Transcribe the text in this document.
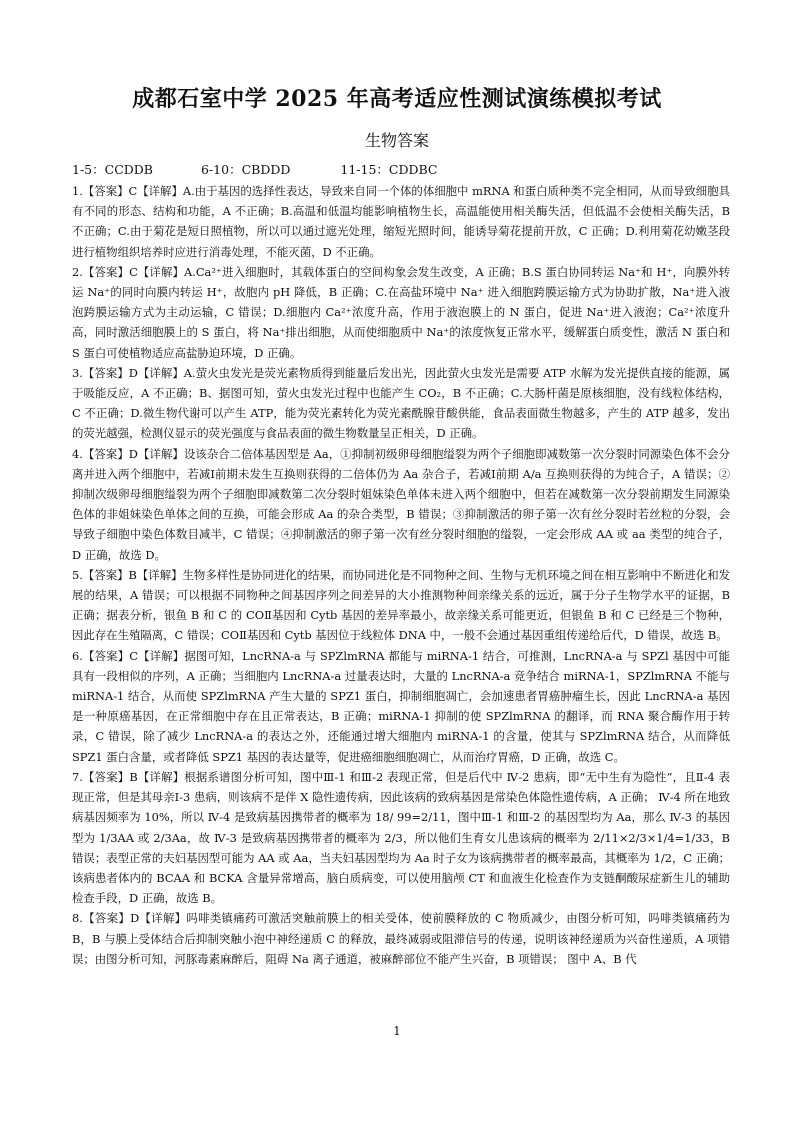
成都石室中学 2025 年高考适应性测试演练模拟考试
生物答案
1-5：CCDDB	6-10：CBDDD	11-15：CDDBC

1.【答案】C【详解】A.由于基因的选择性表达，导致来自同一个体的体细胞中 mRNA 和蛋白质种类不完全相同，从而导致细胞具有不同的形态、结构和功能，A 不正确；B.高温和低温均能影响植物生长，高温能使用相关酶失活，但低温不会使相关酶失活，B 不正确；C.由于菊花是短日照植物，所以可以通过遮光处理，缩短光照时间，能诱导菊花提前开放，C 正确；D.利用菊花幼嫩茎段进行植物组织培养时应进行消毒处理，不能灭菌，D 不正确。

2.【答案】C【详解】A.Ca²⁺进入细胞时，其载体蛋白的空间构象会发生改变，A 正确；B.S 蛋白协同转运 Na⁺和 H⁺，向膜外转运 Na⁺的同时向膜内转运 H⁺，故胞内 pH 降低，B 正确；C.在高盐环境中 Na⁺ 进入细胞跨膜运输方式为协助扩散，Na⁺进入液泡跨膜运输方式为主动运输，C 错误；D.细胞内 Ca²⁺浓度升高，作用于液泡膜上的 N 蛋白，促进 Na⁺进入液泡；Ca²⁺浓度升高，同时激活细胞膜上的 S 蛋白，将 Na⁺排出细胞，从而使细胞质中 Na⁺的浓度恢复正常水平，缓解蛋白质变性，激活 N 蛋白和 S 蛋白可使植物适应高盐胁迫环境，D 正确。

3.【答案】D【详解】A.萤火虫发光是荧光素物质得到能量后发出光，因此萤火虫发光是需要 ATP 水解为发光提供直接的能源，属于吸能反应，A 不正确；B、据图可知，萤火虫发光过程中也能产生 CO₂，B 不正确；C.大肠杆菌是原核细胞，没有线粒体结构，C 不正确；D.微生物代谢可以产生 ATP，能为荧光素转化为荧光素酰腺苷酸供能，食品表面微生物越多，产生的 ATP 越多，发出的荧光越强，检测仪显示的荧光强度与食品表面的微生物数量呈正相关，D 正确。

4.【答案】D【详解】设该杂合二倍体基因型是 Aa，①抑制初级卵母细胞缢裂为两个子细胞即减数第一次分裂时同源染色体不会分离并进入两个细胞中，若减Ⅰ前期未发生互换则获得的二倍体仍为 Aa 杂合子，若减Ⅰ前期 A/a 互换则获得的为纯合子，A 错误；②抑制次级卵母细胞缢裂为两个子细胞即减数第二次分裂时姐妹染色单体未进入两个细胞中，但若在减数第一次分裂前期发生同源染色体的非姐妹染色单体之间的互换，可能会形成 Aa 的杂合类型，B 错误；③抑制激活的卵子第一次有丝分裂时若丝粒的分裂，会导致子细胞中染色体数目减半，C 错误；④抑制激活的卵子第一次有丝分裂时细胞的缢裂，一定会形成 AA 或 aa 类型的纯合子，D 正确，故选 D。

5.【答案】B【详解】生物多样性是协同进化的结果，而协同进化是不同物种之间、生物与无机环境之间在相互影响中不断进化和发展的结果，A 错误；可以根据不同物种之间基因序列之间差异的大小推测物种间亲缘关系的远近，属于分子生物学水平的证据，B 正确；据表分析，银鱼 B 和 C 的 COⅡ基因和 Cytb 基因的差异率最小，故亲缘关系可能更近，但银鱼 B 和 C 已经是三个物种，因此存在生殖隔离，C 错误；COⅡ基因和 Cytb 基因位于线粒体 DNA 中，一般不会通过基因重组传递给后代，D 错误，故选 B。

6.【答案】C【详解】据图可知，LncRNA-a 与 SPZlmRNA 都能与 miRNA-1 结合，可推测，LncRNA-a 与 SPZl 基因中可能具有一段相似的序列，A 正确；当细胞内 LncRNA-a 过量表达时，大量的 LncRNA-a 竞争结合 miRNA-1，SPZlmRNA 不能与 miRNA-1 结合，从而使 SPZlmRNA 产生大量的 SPZ1 蛋白，抑制细胞凋亡，会加速患者胃癌肿瘤生长，因此 LncRNA-a 基因是一种原癌基因，在正常细胞中存在且正常表达，B 正确；miRNA-1 抑制的使 SPZlmRNA 的翻译，而 RNA 聚合酶作用于转录，C 错误，除了减少 LncRNA-a 的表达之外，还能通过增大细胞内 miRNA-1 的含量，使其与 SPZlmRNA 结合，从而降低 SPZ1 蛋白含量，或者降低 SPZ1 基因的表达量等，促进癌细胞细胞凋亡，从而治疗胃癌，D 正确，故选 C。

7.【答案】B【详解】根据系谱图分析可知，图中Ⅲ-1 和Ⅲ-2 表现正常，但是后代中 Ⅳ-2 患病，即“无中生有为隐性”，且Ⅱ-4 表现正常，但是其母亲Ⅰ-3 患病，则该病不是伴 X 隐性遗传病，因此该病的致病基因是常染色体隐性遗传病，A 正确； Ⅳ-4 所在地致病基因频率为 10%，所以 Ⅳ-4 是致病基因携带者的概率为 18/ 99=2/11，图中Ⅲ-1 和Ⅲ-2 的基因型均为 Aa，那么 Ⅳ-3 的基因型为 1/3AA 或 2/3Aa，故 Ⅳ-3 是致病基因携带者的概率为 2/3，所以他们生育女儿患该病的概率为 2/11×2/3×1/4=1/33，B 错误；表型正常的夫妇基因型可能为 AA 或 Aa，当夫妇基因型均为 Aa 时子女为该病携带者的概率最高，其概率为 1/2，C 正确；该病患者体内的 BCAA 和 BCKA 含量异常增高，脑白质病变，可以使用脑颅 CT 和血液生化检查作为支链酮酸尿症新生儿的辅助检查手段，D 正确，故选 B。

8.【答案】D【详解】吗啡类镇痛药可激活突触前膜上的相关受体，使前膜释放的 C 物质减少，由图分析可知，吗啡类镇痛药为 B，B 与膜上受体结合后抑制突触小泡中神经递质 C 的释放，最终减弱或阻滞信号的传递，说明该神经递质为兴奋性递质，A 项错误；由图分析可知，河豚毒素麻醉后，阻碍 Na 离子通道，被麻醉部位不能产生兴奋，B 项错误； 图中 A、B 代

1
